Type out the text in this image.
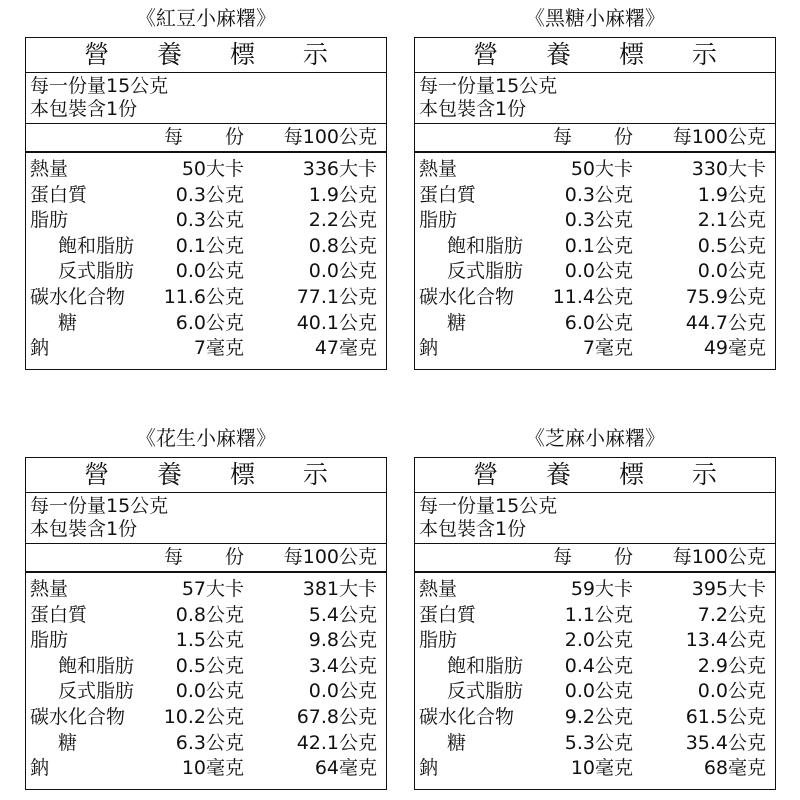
《紅豆小麻糬》
營 養 標 示
每一份量15公克
本包裝含1份
每 份 每100公克
熱量	50大卡	336大卡
蛋白質	0.3公克	1.9公克
脂肪	0.3公克	2.2公克
飽和脂肪 0.1公克	0.8公克
反式脂肪 0.0公克	0.0公克
碳水化合物 11.6公克	77.1公克
糖	6.0公克	40.1公克
鈉	7毫克	47毫克
《黑糖小麻糬》
營 養 標 示
每一份量15公克
本包裝含1份
每 份 每100公克
熱量	50大卡	330大卡
蛋白質	0.3公克	1.9公克
脂肪	0.3公克	2.1公克
飽和脂肪 0.1公克	0.5公克
反式脂肪 0.0公克	0.0公克
碳水化合物 11.4公克	75.9公克
糖	6.0公克	44.7公克
鈉	7毫克	49毫克
《花生小麻糬》
營 養 標 示
每一份量15公克
本包裝含1份
每 份 每100公克
熱量	57大卡	381大卡
蛋白質	0.8公克	5.4公克
脂肪	1.5公克	9.8公克
飽和脂肪 0.5公克	3.4公克
反式脂肪 0.0公克	0.0公克
碳水化合物 10.2公克	67.8公克
糖	6.3公克	42.1公克
鈉	10毫克	64毫克
《芝麻小麻糬》
營 養 標 示
每一份量15公克
本包裝含1份
每 份 每100公克
熱量	59大卡	395大卡
蛋白質	1.1公克	7.2公克
脂肪	2.0公克	13.4公克
飽和脂肪 0.4公克	2.9公克
反式脂肪 0.0公克	0.0公克
碳水化合物	9.2公克	61.5公克
糖	5.3公克	35.4公克
鈉	10毫克	68毫克
